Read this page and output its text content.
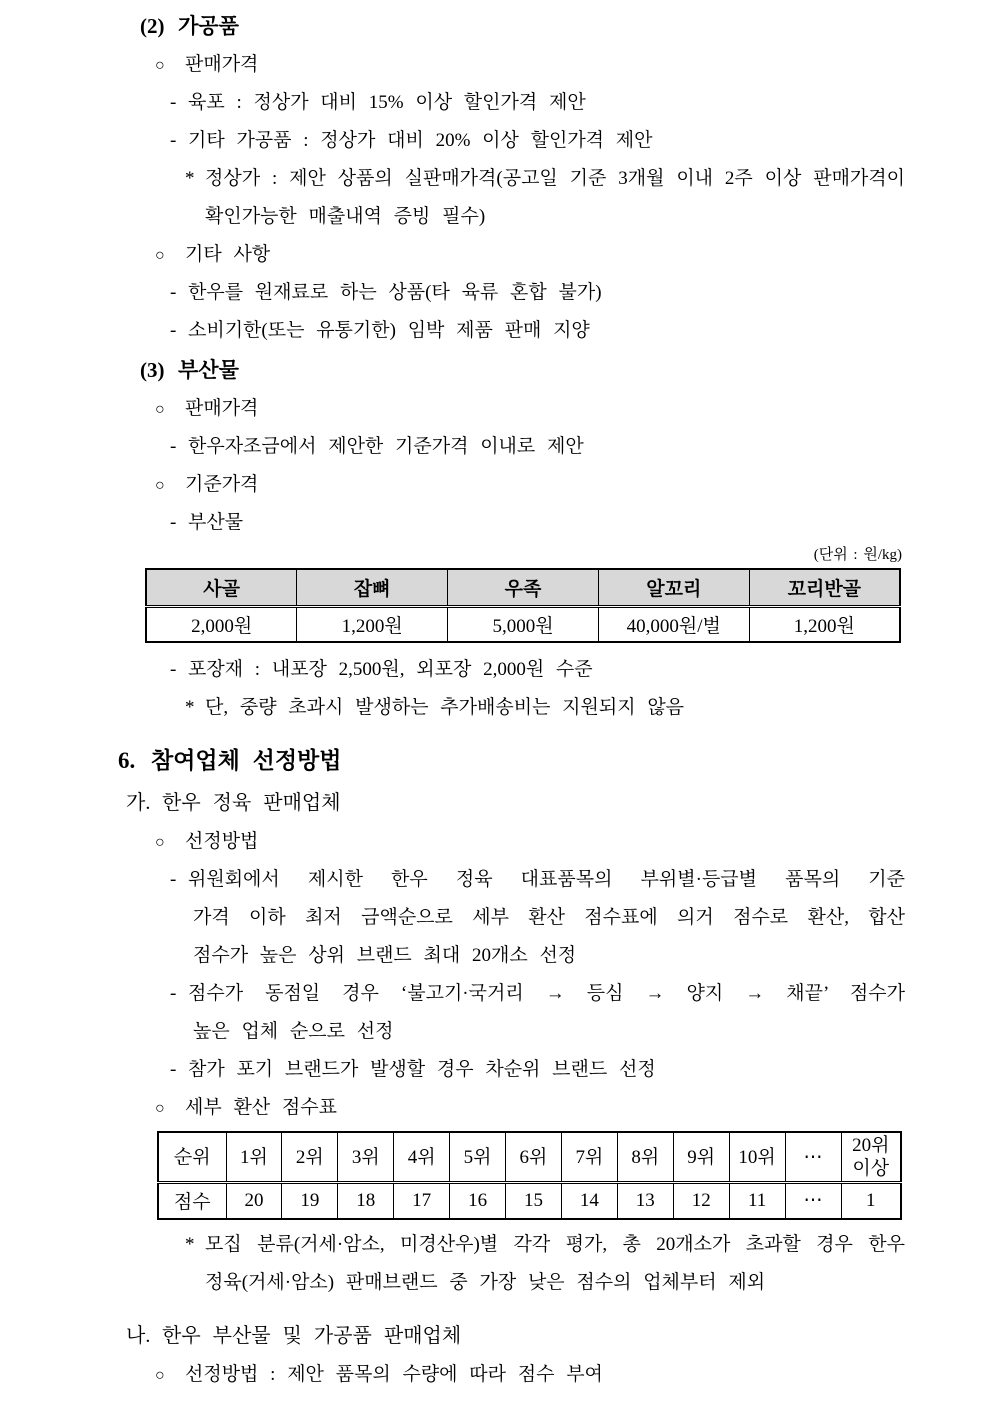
(2) 가공품
○ 판매가격
- 육포 : 정상가 대비 15% 이상 할인가격 제안
- 기타 가공품 : 정상가 대비 20% 이상 할인가격 제안
* 정상가 : 제안 상품의 실판매가격(공고일 기준 3개월 이내 2주 이상 판매가격이
확인가능한 매출내역 증빙 필수)
○ 기타 사항
- 한우를 원재료로 하는 상품(타 육류 혼합 불가)
- 소비기한(또는 유통기한) 임박 제품 판매 지양
(3) 부산물
○ 판매가격
- 한우자조금에서 제안한 기준가격 이내로 제안
○ 기준가격
- 부산물
(단위 : 원/kg)
사골	잡뼈	우족	알꼬리	꼬리반골
2,000원	1,200원	5,000원	40,000원/벌	1,200원
- 포장재 : 내포장 2,500원, 외포장 2,000원 수준
* 단, 중량 초과시 발생하는 추가배송비는 지원되지 않음
6. 참여업체 선정방법
가. 한우 정육 판매업체
○ 선정방법
- 위원회에서 제시한 한우 정육 대표품목의 부위별·등급별 품목의 기준
가격 이하 최저 금액순으로 세부 환산 점수표에 의거 점수로 환산, 합산
점수가 높은 상위 브랜드 최대 20개소 선정
- 점수가 동점일 경우 ‘불고기·국거리 → 등심 → 양지 → 채끝’ 점수가
높은 업체 순으로 선정
- 참가 포기 브랜드가 발생할 경우 차순위 브랜드 선정
○ 세부 환산 점수표
순위	1위	2위	3위	4위	5위	6위	7위	8위	9위	10위	⋯	20위 이상
점수	20	19	18	17	16	15	14	13	12	11	⋯	1
* 모집 분류(거세·암소, 미경산우)별 각각 평가, 총 20개소가 초과할 경우 한우
정육(거세·암소) 판매브랜드 중 가장 낮은 점수의 업체부터 제외
나. 한우 부산물 및 가공품 판매업체
○ 선정방법 : 제안 품목의 수량에 따라 점수 부여
